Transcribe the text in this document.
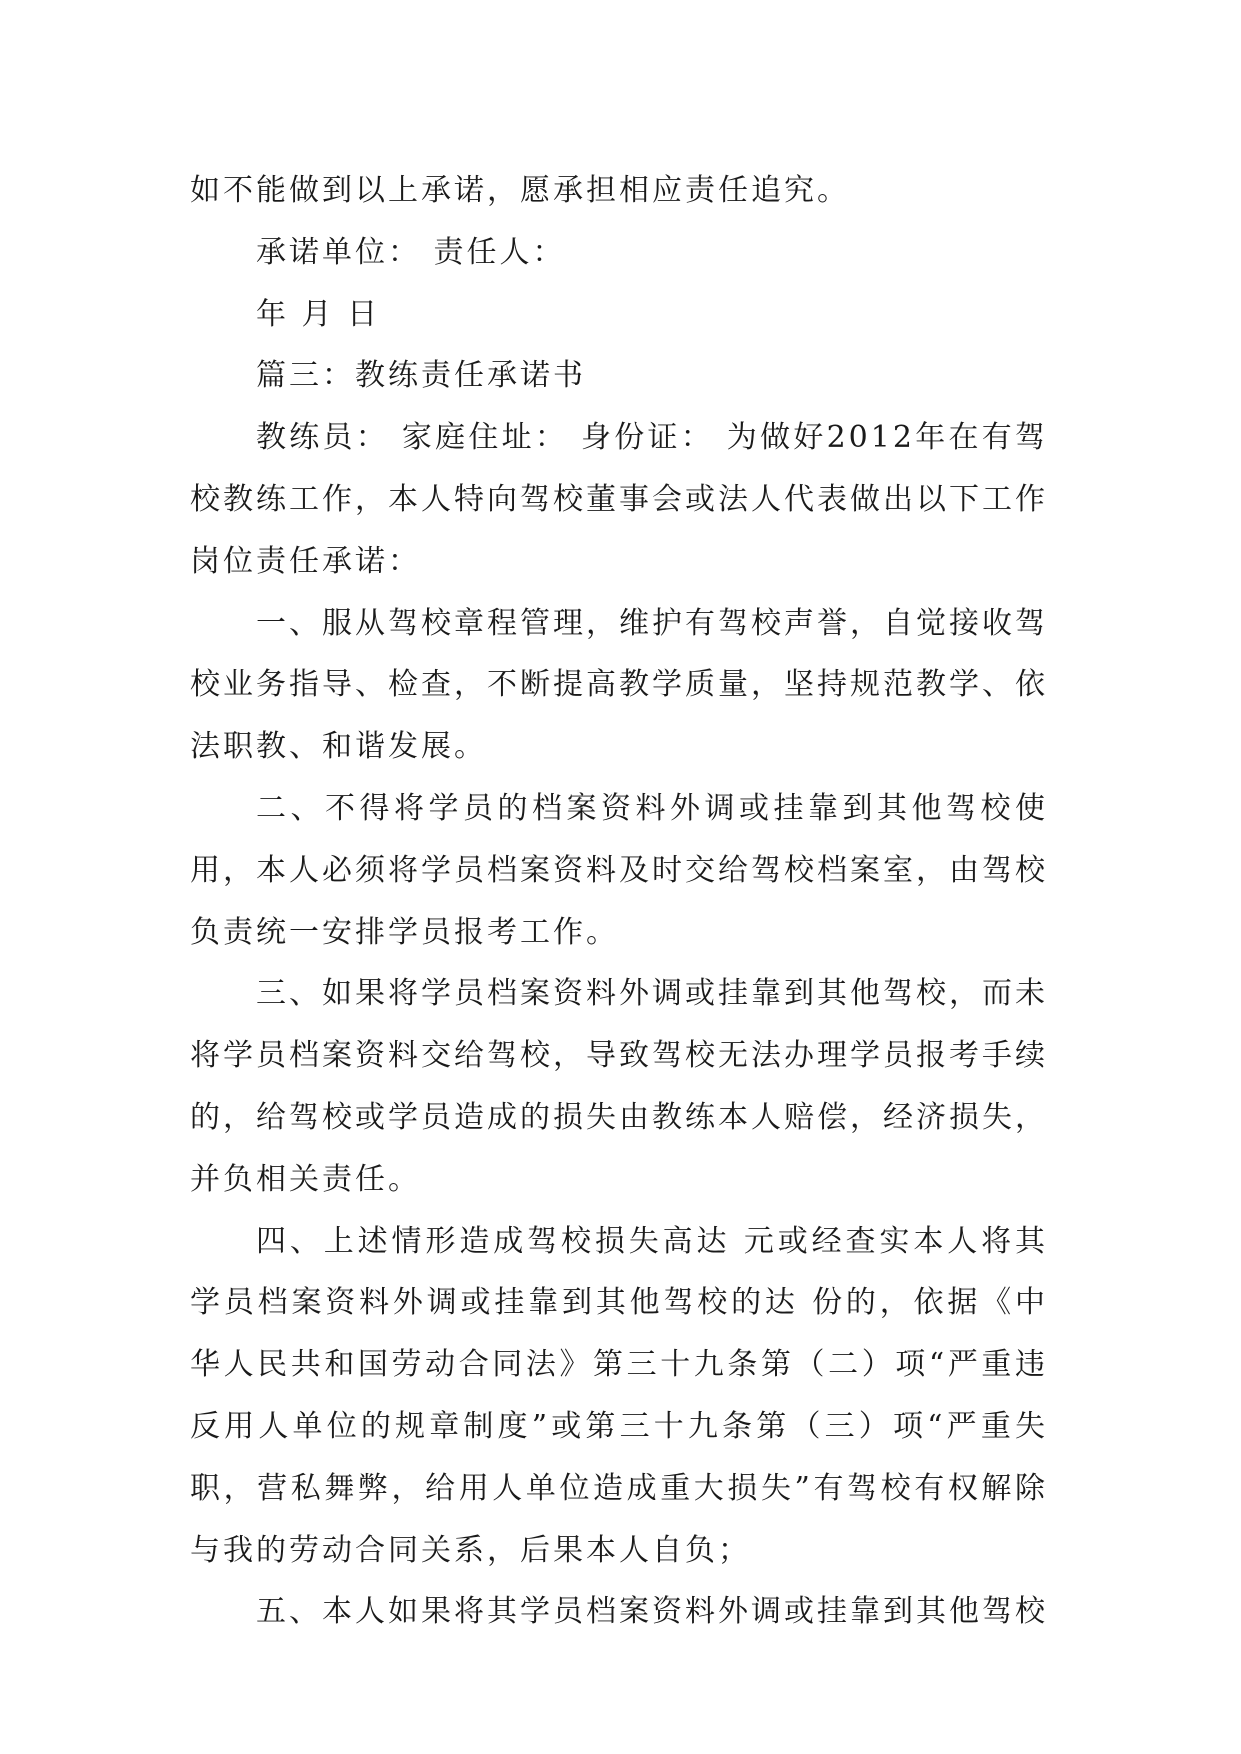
如不能做到以上承诺，愿承担相应责任追究。

承诺单位： 责任人：

年 月 日

篇三：教练责任承诺书

教练员： 家庭住址： 身份证： 为做好2012年在有驾校教练工作，本人特向驾校董事会或法人代表做出以下工作岗位责任承诺：

一、服从驾校章程管理，维护有驾校声誉，自觉接收驾校业务指导、检查，不断提高教学质量，坚持规范教学、依法职教、和谐发展。

二、不得将学员的档案资料外调或挂靠到其他驾校使用，本人必须将学员档案资料及时交给驾校档案室，由驾校负责统一安排学员报考工作。

三、如果将学员档案资料外调或挂靠到其他驾校，而未将学员档案资料交给驾校，导致驾校无法办理学员报考手续的，给驾校或学员造成的损失由教练本人赔偿，经济损失，并负相关责任。

四、上述情形造成驾校损失高达 元或经查实本人将其学员档案资料外调或挂靠到其他驾校的达 份的，依据《中华人民共和国劳动合同法》第三十九条第（二）项“严重违反用人单位的规章制度”或第三十九条第（三）项“严重失职，营私舞弊，给用人单位造成重大损失”有驾校有权解除与我的劳动合同关系，后果本人自负；

五、本人如果将其学员档案资料外调或挂靠到其他驾校
